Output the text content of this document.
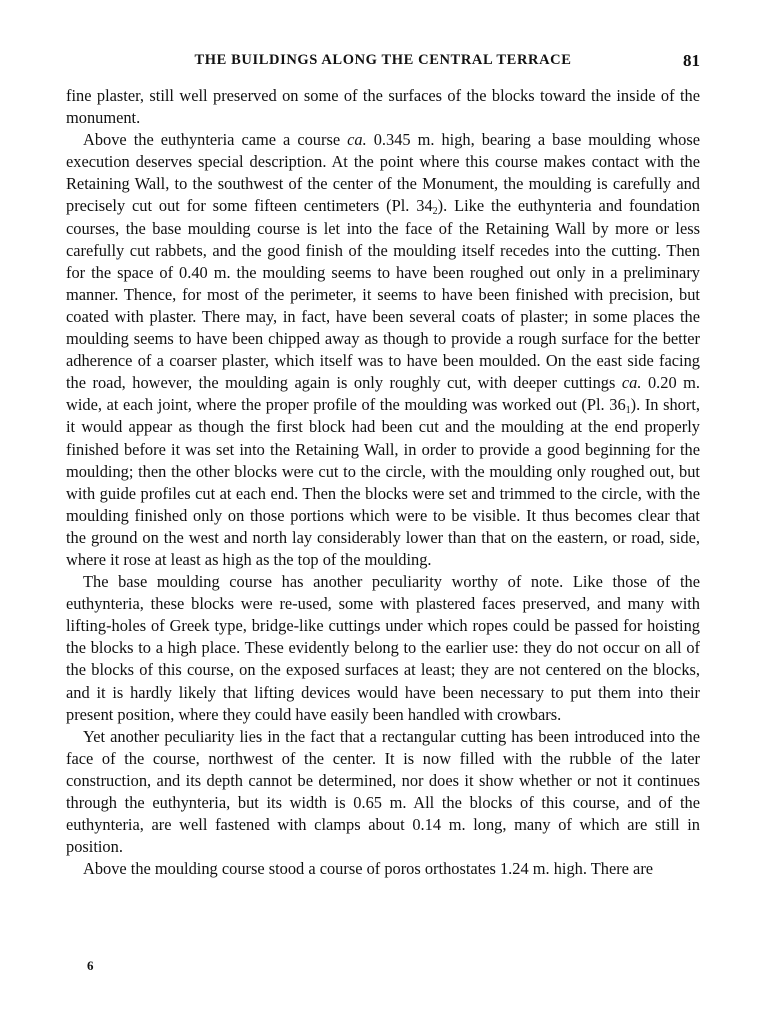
THE BUILDINGS ALONG THE CENTRAL TERRACE	81

fine plaster, still well preserved on some of the surfaces of the blocks toward the inside of the monument.

Above the euthynteria came a course ca. 0.345 m. high, bearing a base moulding whose execution deserves special description. At the point where this course makes contact with the Retaining Wall, to the southwest of the center of the Monument, the moulding is carefully and precisely cut out for some fifteen centimeters (Pl. $34_2$). Like the euthynteria and foundation courses, the base moulding course is let into the face of the Retaining Wall by more or less carefully cut rabbets, and the good finish of the moulding itself recedes into the cutting. Then for the space of 0.40 m. the moulding seems to have been roughed out only in a preliminary manner. Thence, for most of the perimeter, it seems to have been finished with precision, but coated with plaster. There may, in fact, have been several coats of plaster; in some places the moulding seems to have been chipped away as though to provide a rough surface for the better adherence of a coarser plaster, which itself was to have been moulded. On the east side facing the road, however, the moulding again is only roughly cut, with deeper cuttings ca. 0.20 m. wide, at each joint, where the proper profile of the moulding was worked out (Pl. $36_1$). In short, it would appear as though the first block had been cut and the moulding at the end properly finished before it was set into the Retaining Wall, in order to provide a good beginning for the moulding; then the other blocks were cut to the circle, with the moulding only roughed out, but with guide profiles cut at each end. Then the blocks were set and trimmed to the circle, with the moulding finished only on those portions which were to be visible. It thus becomes clear that the ground on the west and north lay considerably lower than that on the eastern, or road, side, where it rose at least as high as the top of the moulding.

The base moulding course has another peculiarity worthy of note. Like those of the euthynteria, these blocks were re-used, some with plastered faces preserved, and many with lifting-holes of Greek type, bridge-like cuttings under which ropes could be passed for hoisting the blocks to a high place. These evidently belong to the earlier use: they do not occur on all of the blocks of this course, on the exposed surfaces at least; they are not centered on the blocks, and it is hardly likely that lifting devices would have been necessary to put them into their present position, where they could have easily been handled with crowbars.

Yet another peculiarity lies in the fact that a rectangular cutting has been introduced into the face of the course, northwest of the center. It is now filled with the rubble of the later construction, and its depth cannot be determined, nor does it show whether or not it continues through the euthynteria, but its width is 0.65 m. All the blocks of this course, and of the euthynteria, are well fastened with clamps about 0.14 m. long, many of which are still in position.

Above the moulding course stood a course of poros orthostates 1.24 m. high. There are

6
